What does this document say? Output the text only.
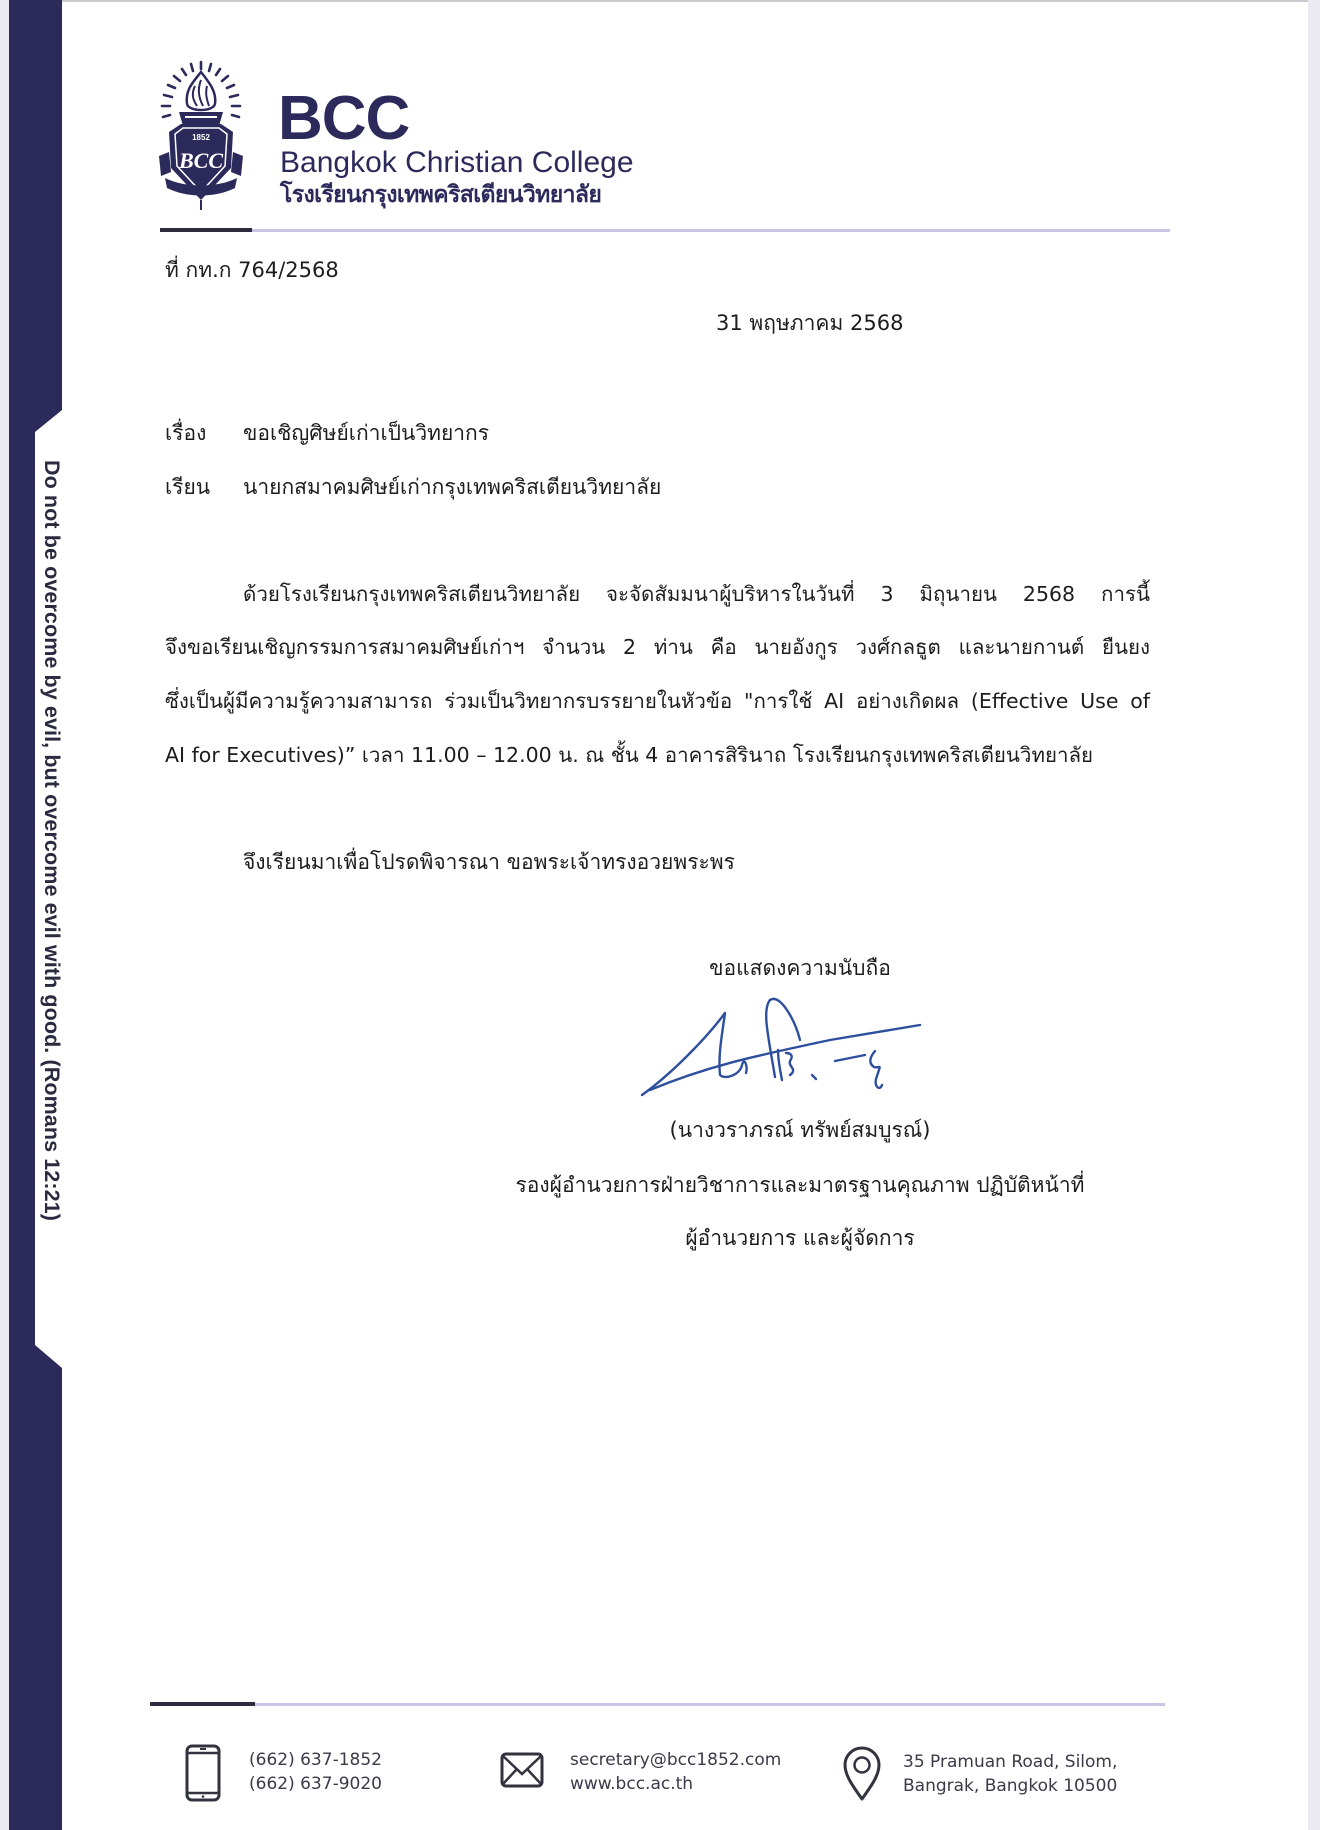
Do not be overcome by evil, but overcome evil with good. (Romans 12:21)
1852
BCC
BCC
Bangkok Christian College
โรงเรียนกรุงเทพคริสเตียนวิทยาลัย
ที่ กท.ก 764/2568
31 พฤษภาคม 2568
เรื่อง ขอเชิญศิษย์เก่าเป็นวิทยากร
เรียน นายกสมาคมศิษย์เก่ากรุงเทพคริสเตียนวิทยาลัย
ด้วยโรงเรียนกรุงเทพคริสเตียนวิทยาลัย จะจัดสัมมนาผู้บริหารในวันที่ 3 มิถุนายน 2568 การนี้
จึงขอเรียนเชิญกรรมการสมาคมศิษย์เก่าฯ จำนวน 2 ท่าน คือ นายอังกูร วงศ์กลธูต และนายกานต์ ยืนยง
ซึ่งเป็นผู้มีความรู้ความสามารถ ร่วมเป็นวิทยากรบรรยายในหัวข้อ "การใช้ AI อย่างเกิดผล (Effective Use of
AI for Executives)” เวลา 11.00 – 12.00 น. ณ ชั้น 4 อาคารสิรินาถ โรงเรียนกรุงเทพคริสเตียนวิทยาลัย
จึงเรียนมาเพื่อโปรดพิจารณา ขอพระเจ้าทรงอวยพระพร
ขอแสดงความนับถือ
(นางวราภรณ์ ทรัพย์สมบูรณ์)
รองผู้อำนวยการฝ่ายวิชาการและมาตรฐานคุณภาพ ปฏิบัติหน้าที่
ผู้อำนวยการ และผู้จัดการ
(662) 637-1852
(662) 637-9020
secretary@bcc1852.com
www.bcc.ac.th
35 Pramuan Road, Silom,
Bangrak, Bangkok 10500
